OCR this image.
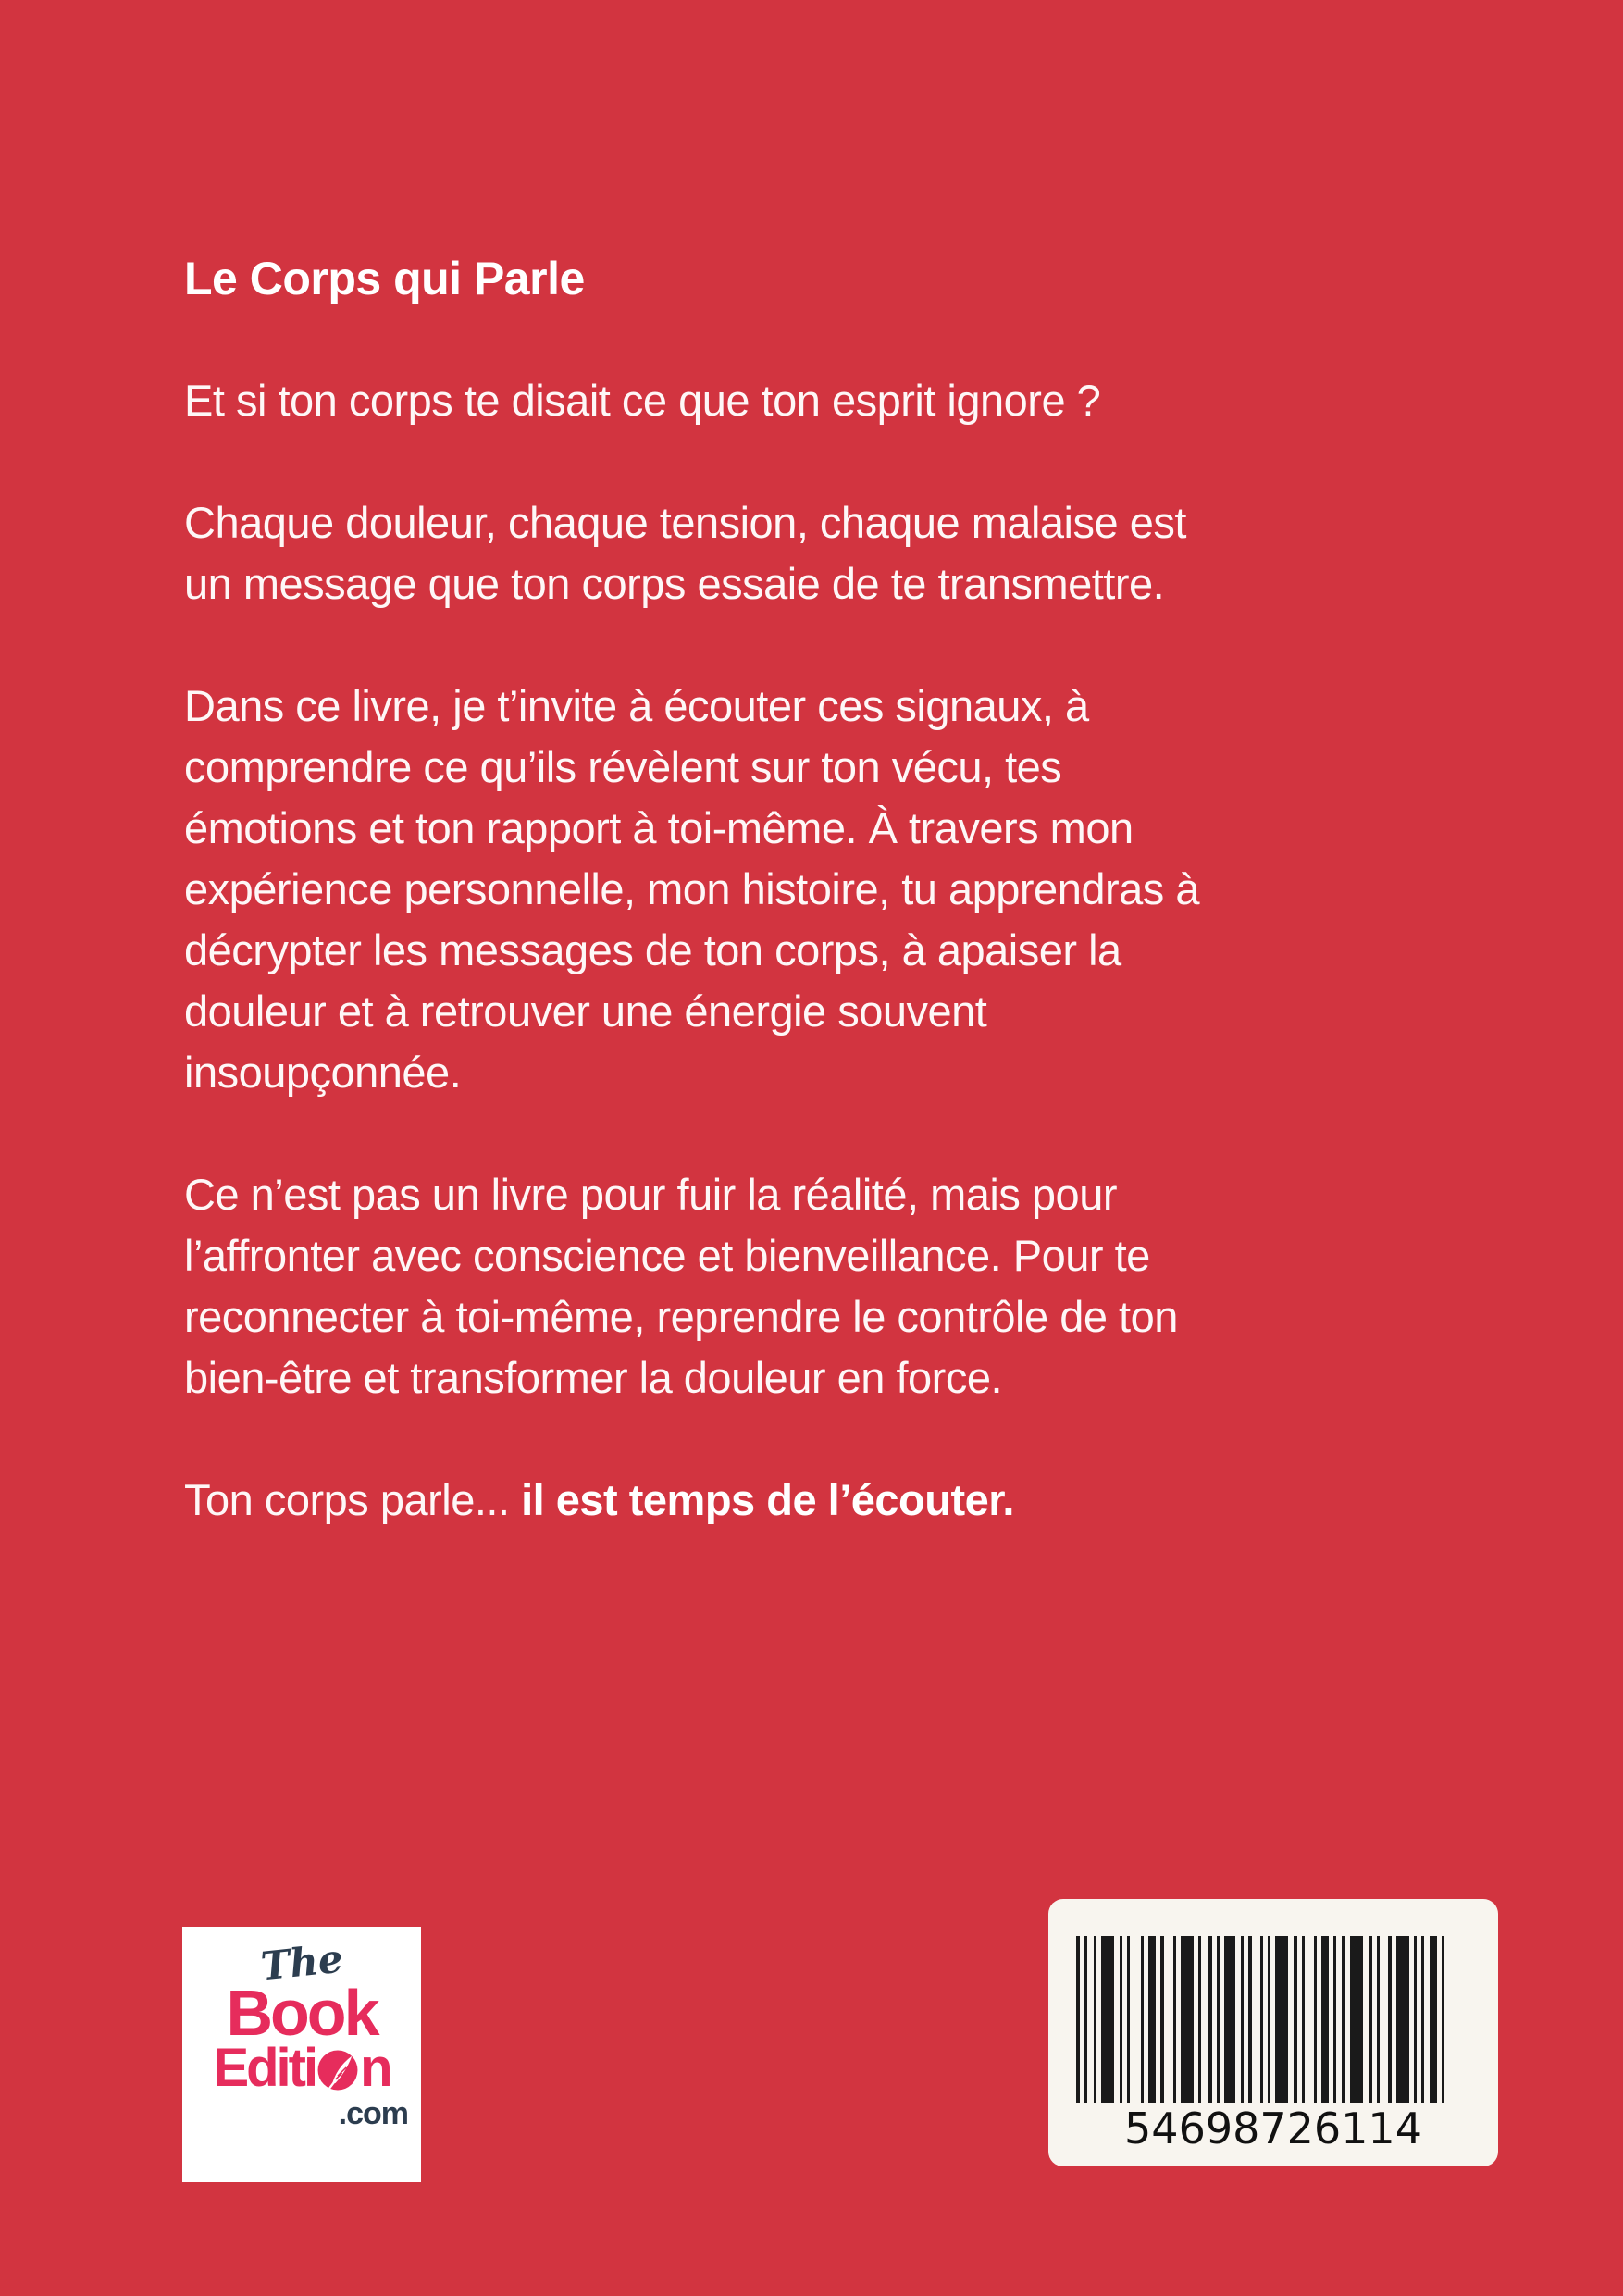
Le Corps qui Parle
Et si ton corps te disait ce que ton esprit ignore ?
Chaque douleur, chaque tension, chaque malaise est
un message que ton corps essaie de te transmettre.
Dans ce livre, je t’invite à écouter ces signaux, à
comprendre ce qu’ils révèlent sur ton vécu, tes
émotions et ton rapport à toi-même. À travers mon
expérience personnelle, mon histoire, tu apprendras à
décrypter les messages de ton corps, à apaiser la
douleur et à retrouver une énergie souvent
insoupçonnée.
Ce n’est pas un livre pour fuir la réalité, mais pour
l’affronter avec conscience et bienveillance. Pour te
reconnecter à toi-même, reprendre le contrôle de ton
bien-être et transformer la douleur en force.
Ton corps parle... il est temps de l’écouter.
The
Book
Editi n
.com	54698726114
